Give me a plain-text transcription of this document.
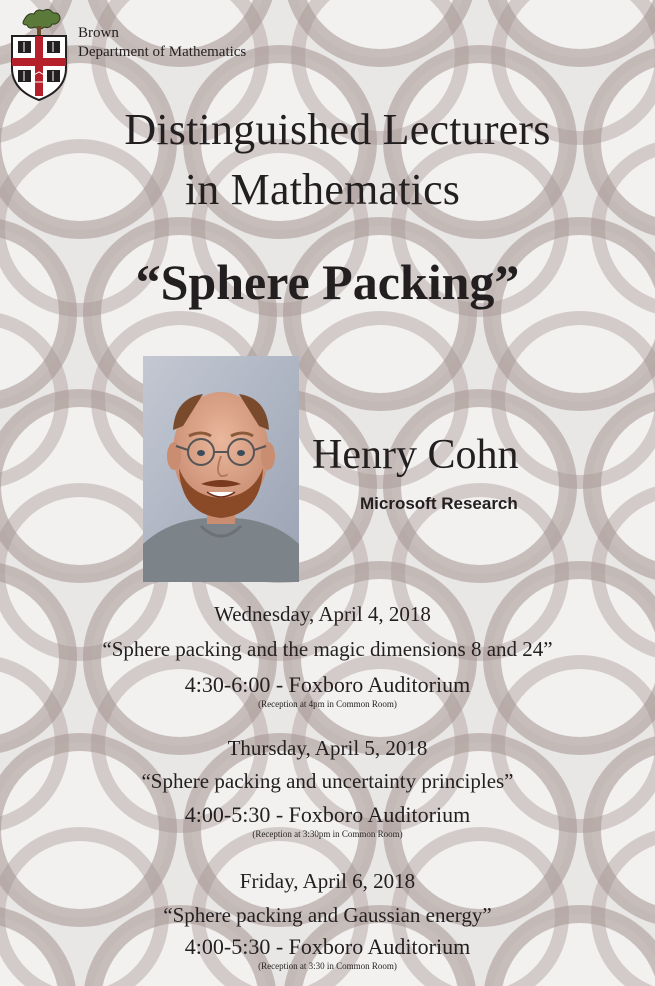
Brown
Department of Mathematics
Distinguished Lecturers
in Mathematics
“Sphere Packing”
Henry Cohn
Microsoft Research
Wednesday, April 4, 2018
“Sphere packing and the magic dimensions 8 and 24”
4:30-6:00 - Foxboro Auditorium
(Reception at 4pm in Common Room)
Thursday, April 5, 2018
“Sphere packing and uncertainty principles”
4:00-5:30 - Foxboro Auditorium
(Reception at 3:30pm in Common Room)
Friday, April 6, 2018
“Sphere packing and Gaussian energy”
4:00-5:30 - Foxboro Auditorium
(Reception at 3:30 in Common Room)
